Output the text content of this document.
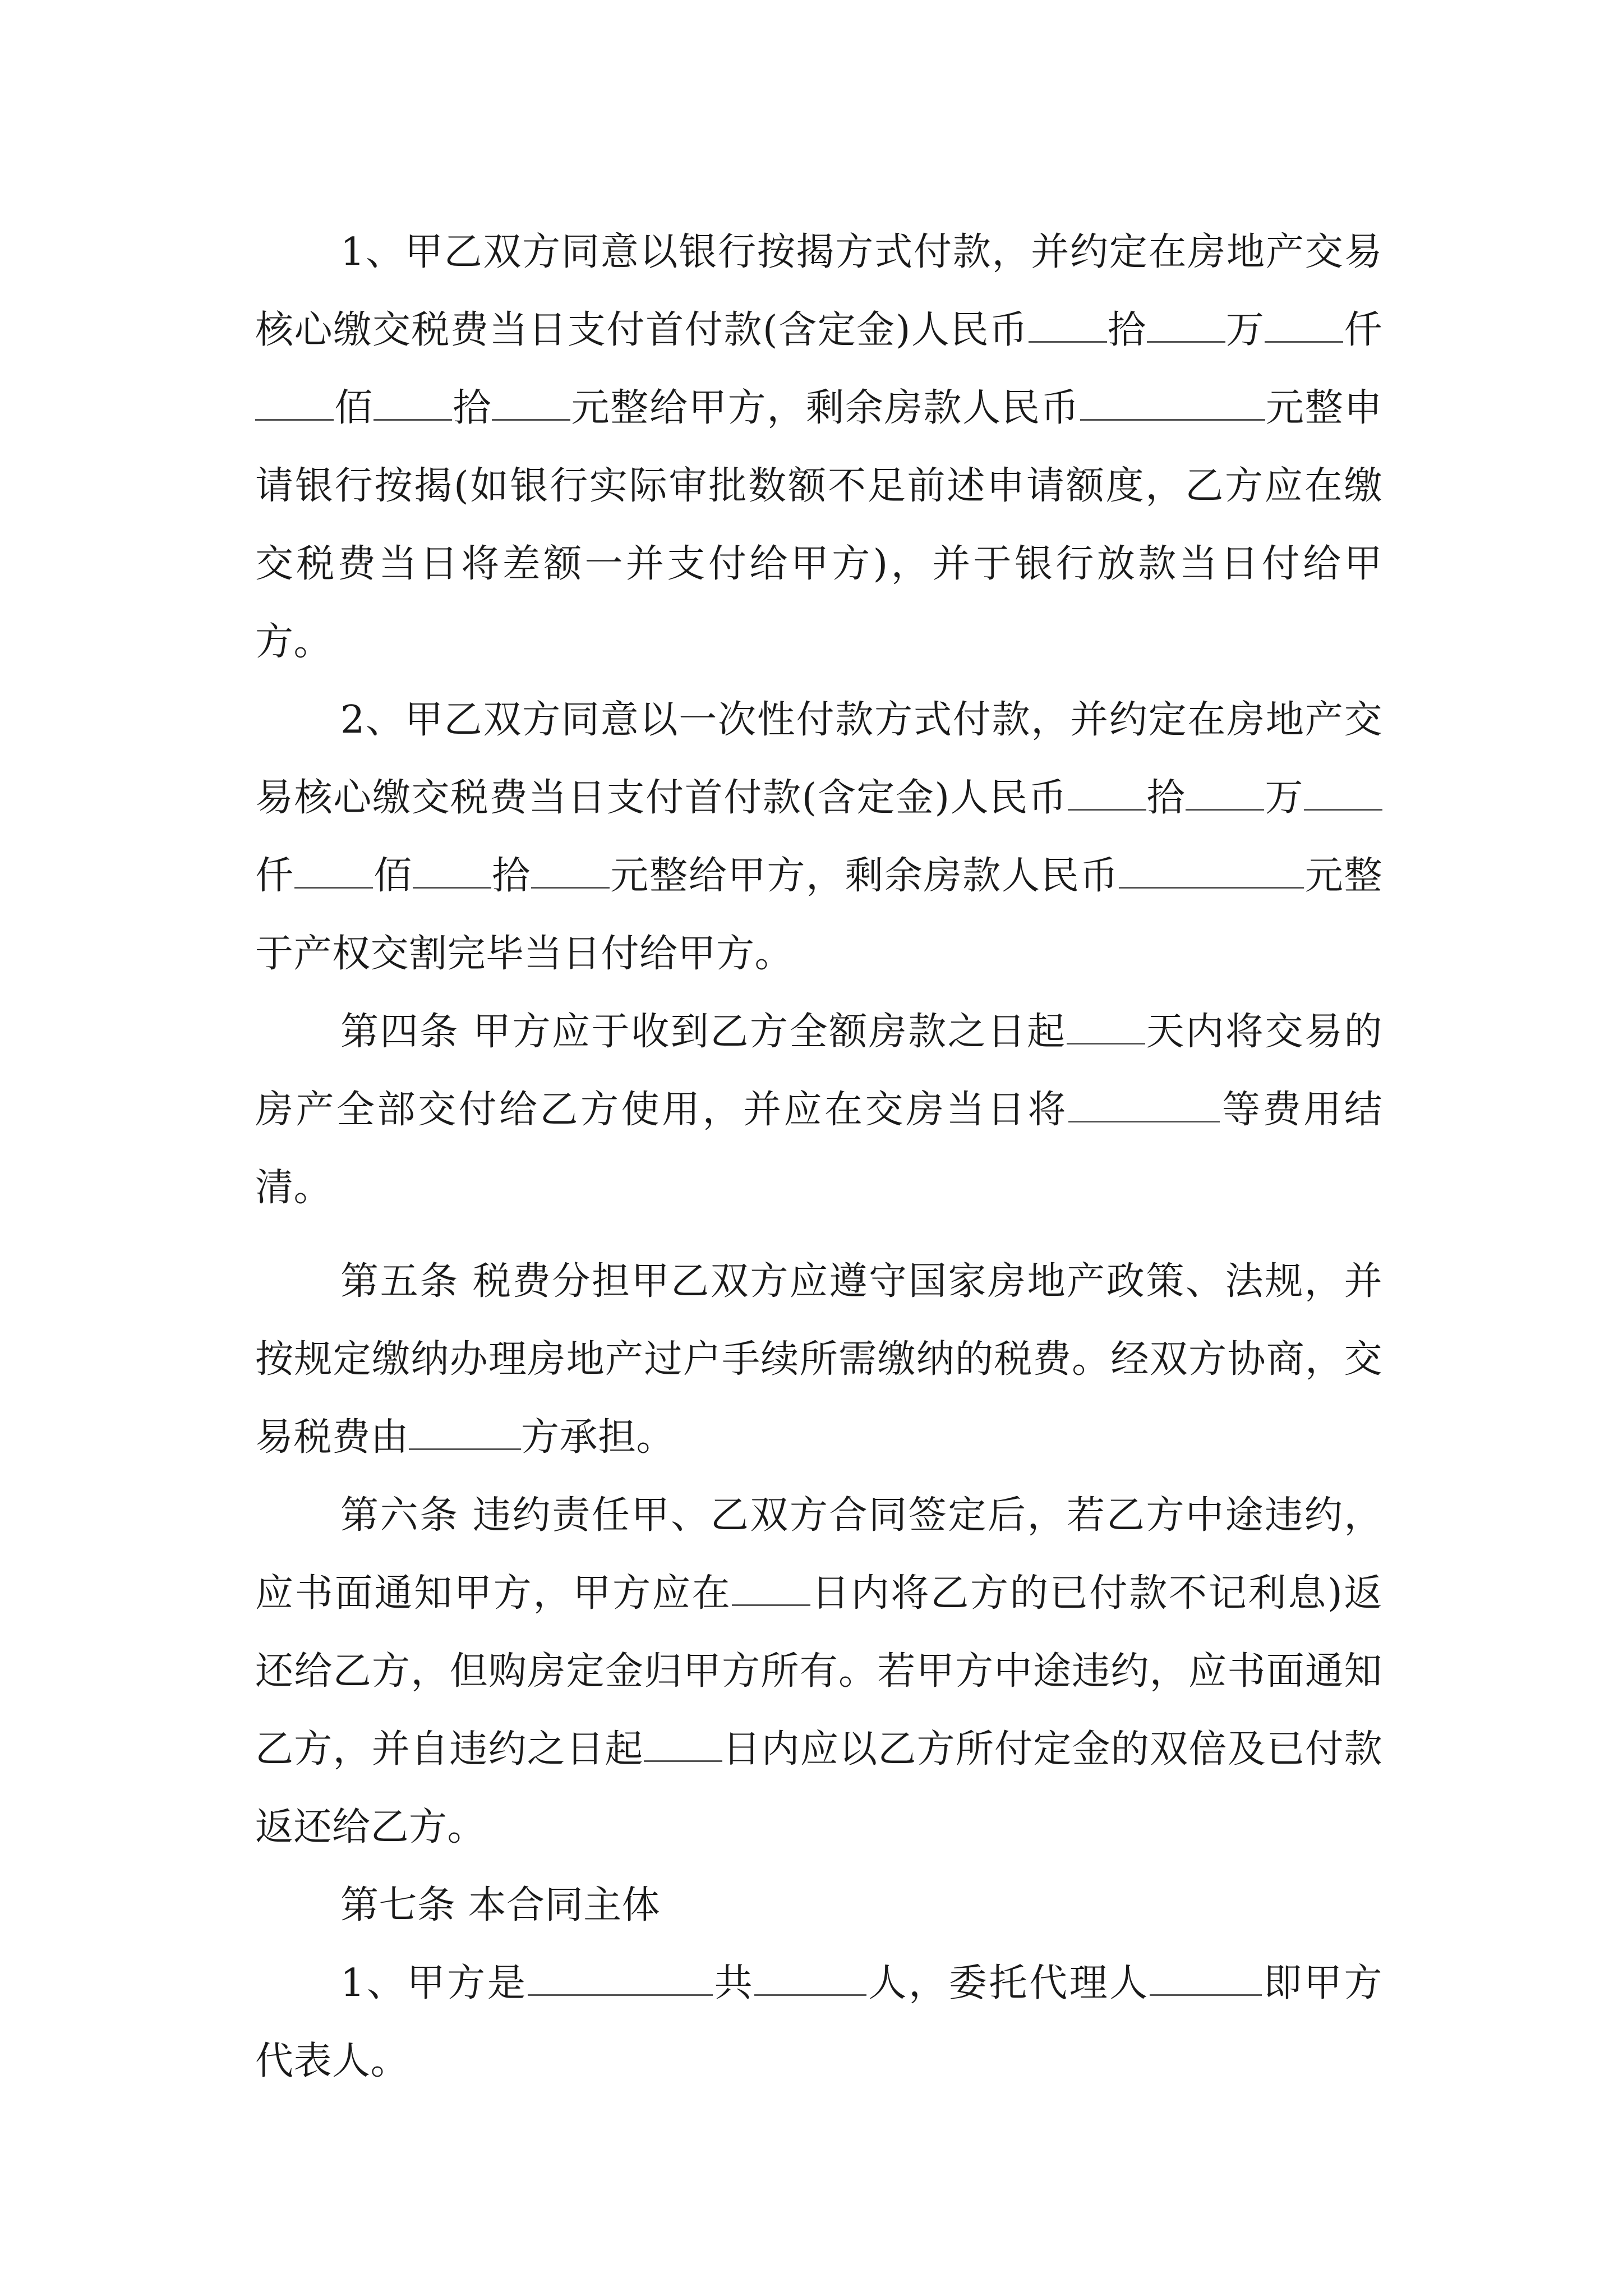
1、甲乙双方同意以银行按揭方式付款，并约定在房地产交易核心缴交税费当日支付首付款(含定金)人民币 拾 万 仟佰 拾 元整给甲方，剩余房款人民币	元整申请银行按揭(如银行实际审批数额不足前述申请额度，乙方应在缴交税费当日将差额一并支付给甲方)，并于银行放款当日付给甲方。

2、甲乙双方同意以一次性付款方式付款，并约定在房地产交易核心缴交税费当日支付首付款(含定金)人民币 拾 万仟 佰 拾 元整给甲方，剩余房款人民币	元整于产权交割完毕当日付给甲方。

第四条 甲方应于收到乙方全额房款之日起 天内将交易的房产全部交付给乙方使用，并应在交房当日将	等费用结清。

第五条 税费分担甲乙双方应遵守国家房地产政策、法规，并按规定缴纳办理房地产过户手续所需缴纳的税费。经双方协商，交易税费由	方承担。

第六条 违约责任甲、乙双方合同签定后，若乙方中途违约，应书面通知甲方，甲方应在 日内将乙方的已付款不记利息)返还给乙方，但购房定金归甲方所有。若甲方中途违约，应书面通知乙方，并自违约之日起 日内应以乙方所付定金的双倍及已付款返还给乙方。

第七条 本合同主体

1、甲方是	共	人，委托代理人	即甲方代表人。
